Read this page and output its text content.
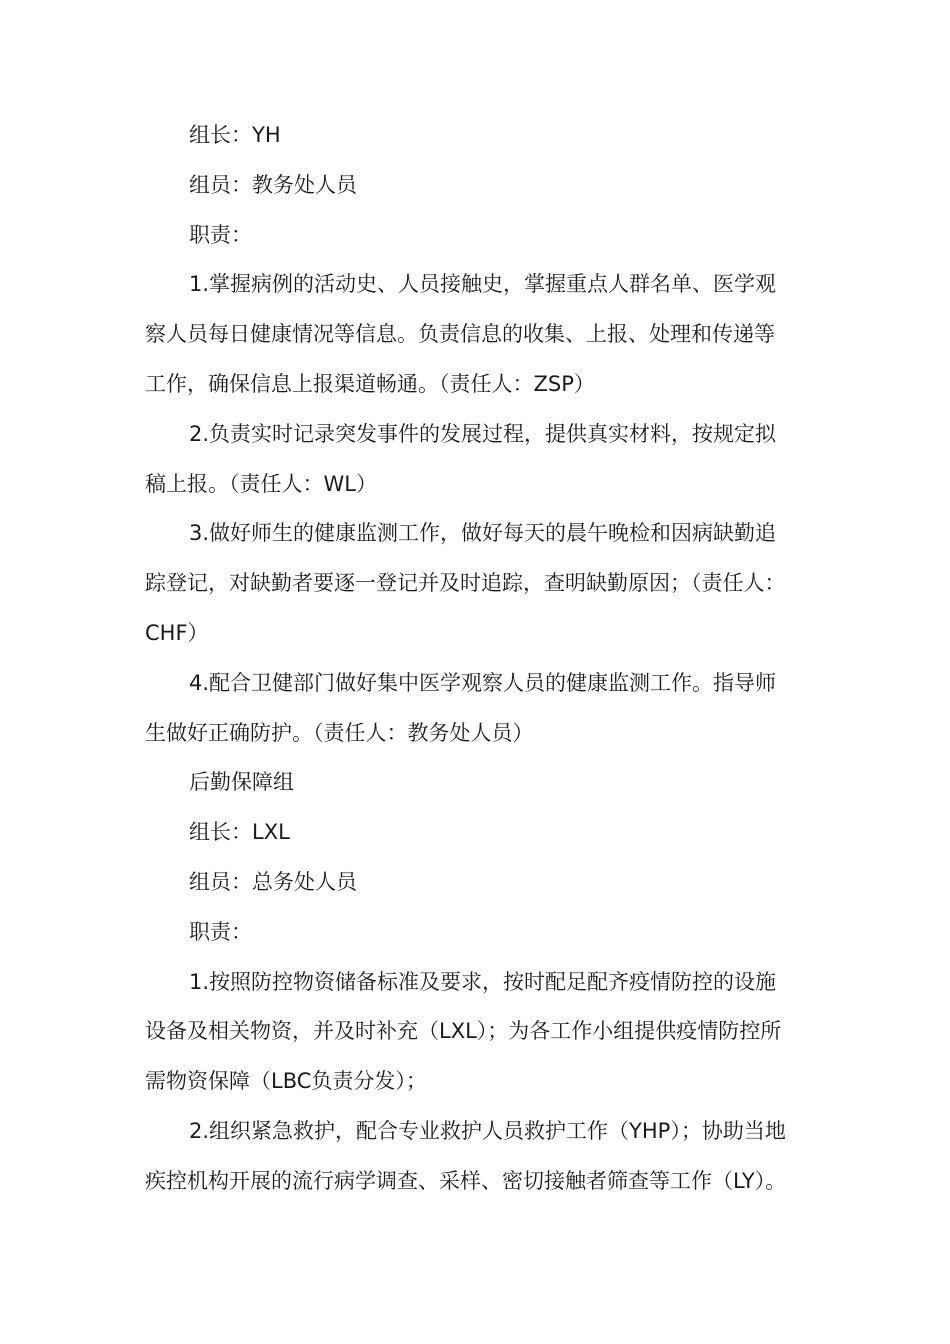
组长：YH
组员：教务处人员
职责：
1.掌握病例的活动史、人员接触史，掌握重点人群名单、医学观
察人员每日健康情况等信息。负责信息的收集、上报、处理和传递等
工作，确保信息上报渠道畅通。（责任人：ZSP）
2.负责实时记录突发事件的发展过程，提供真实材料，按规定拟
稿上报。（责任人：WL）
3.做好师生的健康监测工作，做好每天的晨午晚检和因病缺勤追
踪登记，对缺勤者要逐一登记并及时追踪，查明缺勤原因；（责任人：
CHF）
4.配合卫健部门做好集中医学观察人员的健康监测工作。指导师
生做好正确防护。（责任人：教务处人员）
后勤保障组
组长：LXL
组员：总务处人员
职责：
1.按照防控物资储备标准及要求，按时配足配齐疫情防控的设施
设备及相关物资，并及时补充（LXL）；为各工作小组提供疫情防控所
需物资保障（LBC负责分发）；
2.组织紧急救护，配合专业救护人员救护工作（YHP）；协助当地
疾控机构开展的流行病学调查、采样、密切接触者筛查等工作（LY）。
